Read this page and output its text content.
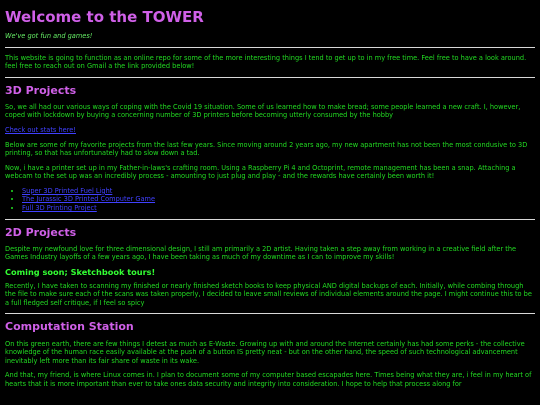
Welcome to the TOWER
We've got fun and games!

This website is going to function as an online repo for some of the more interesting things I tend to get up to in my free time. Feel free to have a look around. feel free to reach out on Gmail a the link provided below!

3D Projects

So, we all had our various ways of coping with the Covid 19 situation. Some of us learned how to make bread; some people learned a new craft. I, however, coped with lockdown by buying a concerning number of 3D printers before becoming utterly consumed by the hobby

Check out stats here!

Below are some of my favorite projects from the last few years. Since moving around 2 years ago, my new apartment has not been the most condusive to 3D printing, so that has unfortunately had to slow down a tad.

Now, i have a printer set up in my Father-in-laws's crafting room. Using a Raspberry Pi 4 and Octoprint, remote management has been a snap. Attaching a webcam to the set up was an incredibly process - amounting to just plug and play - and the rewards have certainly been worth it!

• Super 3D Printed Fuel Light
• The Jurassic 3D Printed Computer Game
• Full 3D Printing Project
2D Projects

Despite my newfound love for three dimensional design, I still am primarily a 2D artist. Having taken a step away from working in a creative field after the Games Industry layoffs of a few years ago, I have been taking as much of my downtime as I can to improve my skills!

Coming soon; Sketchbook tours!

Recently, I have taken to scanning my finished or nearly finished sketch books to keep physical AND digital backups of each. Initially, while combing through the file to make sure each of the scans was taken properly, I decided to leave small reviews of individual elements around the page. I might continue this to be a full fledged self critique, if I feel so spicy

Computation Station

On this green earth, there are few things I detest as much as E-Waste. Growing up with and around the Internet certainly has had some perks - the collective knowledge of the human race easily available at the push of a button IS pretty neat - but on the other hand, the speed of such technological advancement inevitably left more than its fair share of waste in its wake.

And that, my friend, is where Linux comes in. I plan to document some of my computer based escapades here. Times being what they are, i feel in my heart of hearts that it is more important than ever to take ones data security and integrity into consideration. I hope to help that process along for
